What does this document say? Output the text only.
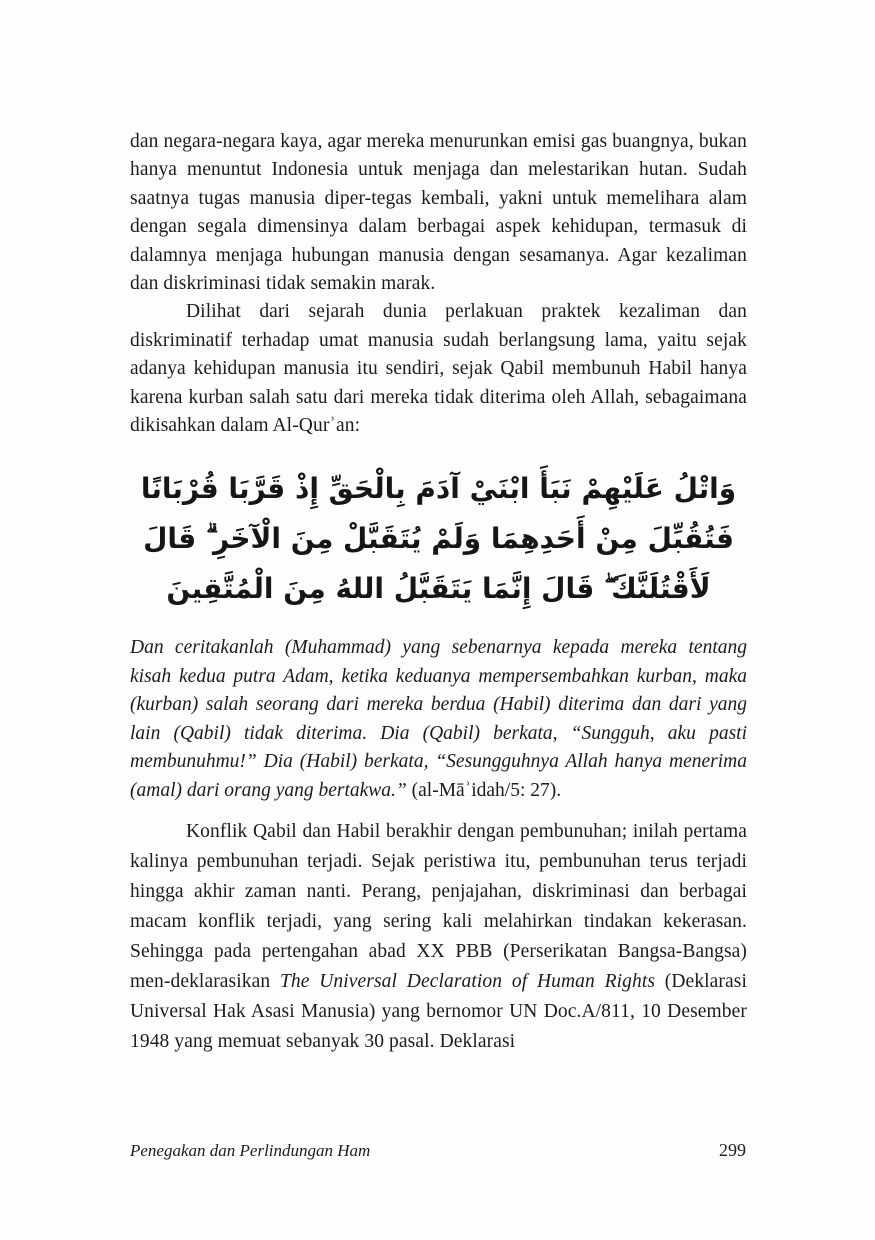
dan negara-negara kaya, agar mereka menurunkan emisi gas buangnya, bukan hanya menuntut Indonesia untuk menjaga dan melestarikan hutan. Sudah saatnya tugas manusia diper-tegas kembali, yakni untuk memelihara alam dengan segala dimensinya dalam berbagai aspek kehidupan, termasuk di dalamnya menjaga hubungan manusia dengan sesamanya. Agar kezaliman dan diskriminasi tidak semakin marak.

Dilihat dari sejarah dunia perlakuan praktek kezaliman dan diskriminatif terhadap umat manusia sudah berlangsung lama, yaitu sejak adanya kehidupan manusia itu sendiri, sejak Qabil membunuh Habil hanya karena kurban salah satu dari mereka tidak diterima oleh Allah, sebagaimana dikisahkan dalam Al-Qurʾan:

وَاتْلُ عَلَيْهِمْ نَبَأَ ابْنَيْ آدَمَ بِالْحَقِّ إِذْ قَرَّبَا قُرْبَانًا فَتُقُبِّلَ مِنْ أَحَدِهِمَا وَلَمْ يُتَقَبَّلْ مِنَ الْآخَرِ ۗ قَالَ لَأَقْتُلَنَّكَ ۖ قَالَ إِنَّمَا يَتَقَبَّلُ اللهُ مِنَ الْمُتَّقِينَ

Dan ceritakanlah (Muhammad) yang sebenarnya kepada mereka tentang kisah kedua putra Adam, ketika keduanya mempersembahkan kurban, maka (kurban) salah seorang dari mereka berdua (Habil) diterima dan dari yang lain (Qabil) tidak diterima. Dia (Qabil) berkata, “Sungguh, aku pasti membunuhmu!” Dia (Habil) berkata, “Sesungguhnya Allah hanya menerima (amal) dari orang yang bertakwa.” (al-Māʾidah/5: 27).

Konflik Qabil dan Habil berakhir dengan pembunuhan; inilah pertama kalinya pembunuhan terjadi. Sejak peristiwa itu, pembunuhan terus terjadi hingga akhir zaman nanti. Perang, penjajahan, diskriminasi dan berbagai macam konflik terjadi, yang sering kali melahirkan tindakan kekerasan. Sehingga pada pertengahan abad XX PBB (Perserikatan Bangsa-Bangsa) men-deklarasikan The Universal Declaration of Human Rights (Deklarasi Universal Hak Asasi Manusia) yang bernomor UN Doc.A/811, 10 Desember 1948 yang memuat sebanyak 30 pasal. Deklarasi

Penegakan dan Perlindungan Ham	299
